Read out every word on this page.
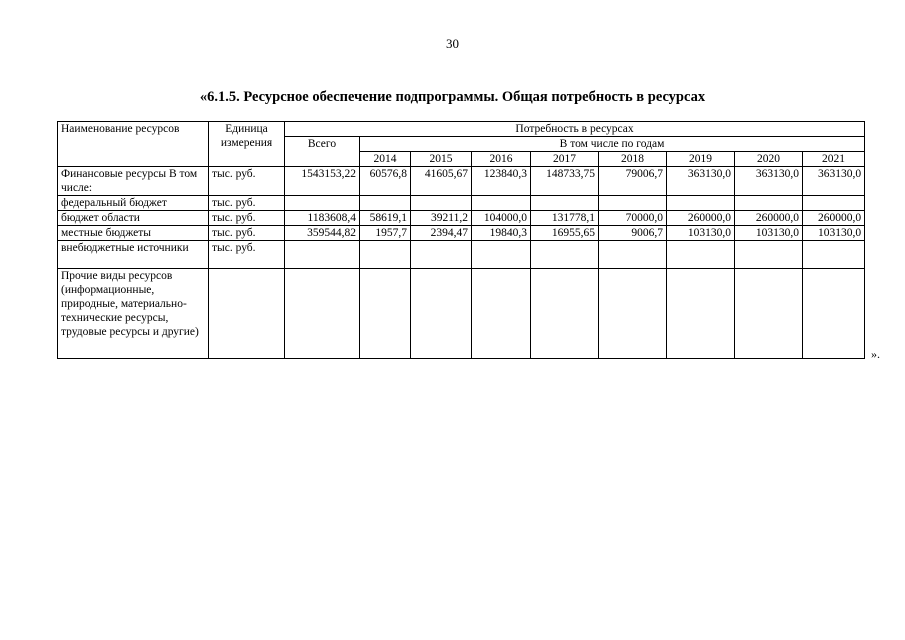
30
«6.1.5. Ресурсное обеспечение подпрограммы. Общая потребность в ресурсах
Наименование ресурсов	Единица измерения	Потребность в ресурсах								
		Всего	В том числе по годам							
			2014	2015	2016	2017	2018	2019	2020	2021
Финансовые ресурсы В том числе:	тыс. руб.	1543153,22	60576,8	41605,67	123840,3	148733,75	79006,7	363130,0	363130,0	363130,0
федеральный бюджет	тыс. руб.									
бюджет области	тыс. руб.	1183608,4	58619,1	39211,2	104000,0	131778,1	70000,0	260000,0	260000,0	260000,0
местные бюджеты	тыс. руб.	359544,82	1957,7	2394,47	19840,3	16955,65	9006,7	103130,0	103130,0	103130,0
внебюджетные источники	тыс. руб.									
Прочие виды ресурсов (информационные, природные, материально-технические ресурсы, трудовые ресурсы и другие)										
».
